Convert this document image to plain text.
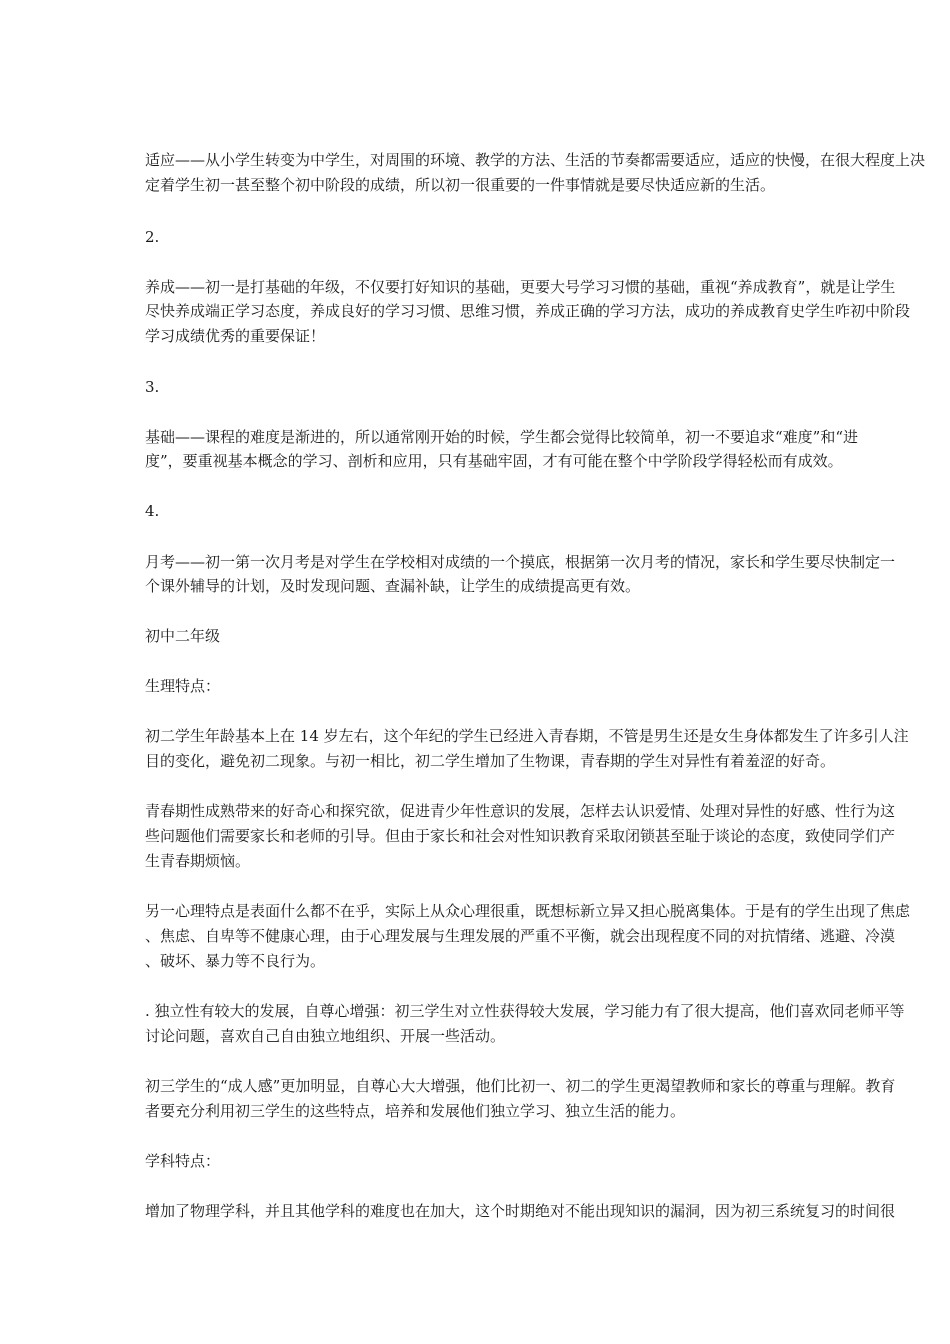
适应——从小学生转变为中学生，对周围的环境、教学的方法、生活的节奏都需要适应，适应的快慢，在很大程度上决
定着学生初一甚至整个初中阶段的成绩，所以初一很重要的一件事情就是要尽快适应新的生活。
2.
养成——初一是打基础的年级，不仅要打好知识的基础，更要大号学习习惯的基础，重视“养成教育”，就是让学生
尽快养成端正学习态度，养成良好的学习习惯、思维习惯，养成正确的学习方法，成功的养成教育史学生咋初中阶段
学习成绩优秀的重要保证！
3.
基础——课程的难度是渐进的，所以通常刚开始的时候，学生都会觉得比较简单，初一不要追求“难度”和“进
度”，要重视基本概念的学习、剖析和应用，只有基础牢固，才有可能在整个中学阶段学得轻松而有成效。
4.
月考——初一第一次月考是对学生在学校相对成绩的一个摸底，根据第一次月考的情况，家长和学生要尽快制定一
个课外辅导的计划，及时发现问题、查漏补缺，让学生的成绩提高更有效。
初中二年级
生理特点：
初二学生年龄基本上在 14 岁左右，这个年纪的学生已经进入青春期，不管是男生还是女生身体都发生了许多引人注
目的变化，避免初二现象。与初一相比，初二学生增加了生物课，青春期的学生对异性有着羞涩的好奇。
青春期性成熟带来的好奇心和探究欲，促进青少年性意识的发展，怎样去认识爱情、处理对异性的好感、性行为这
些问题他们需要家长和老师的引导。但由于家长和社会对性知识教育采取闭锁甚至耻于谈论的态度，致使同学们产
生青春期烦恼。
另一心理特点是表面什么都不在乎，实际上从众心理很重，既想标新立异又担心脱离集体。于是有的学生出现了焦虑
、焦虑、自卑等不健康心理，由于心理发展与生理发展的严重不平衡，就会出现程度不同的对抗情绪、逃避、冷漠
、破坏、暴力等不良行为。
. 独立性有较大的发展，自尊心增强：初三学生对立性获得较大发展，学习能力有了很大提高，他们喜欢同老师平等
讨论问题，喜欢自己自由独立地组织、开展一些活动。
初三学生的“成人感”更加明显，自尊心大大增强，他们比初一、初二的学生更渴望教师和家长的尊重与理解。教育
者要充分利用初三学生的这些特点，培养和发展他们独立学习、独立生活的能力。
学科特点：
增加了物理学科，并且其他学科的难度也在加大，这个时期绝对不能出现知识的漏洞，因为初三系统复习的时间很
